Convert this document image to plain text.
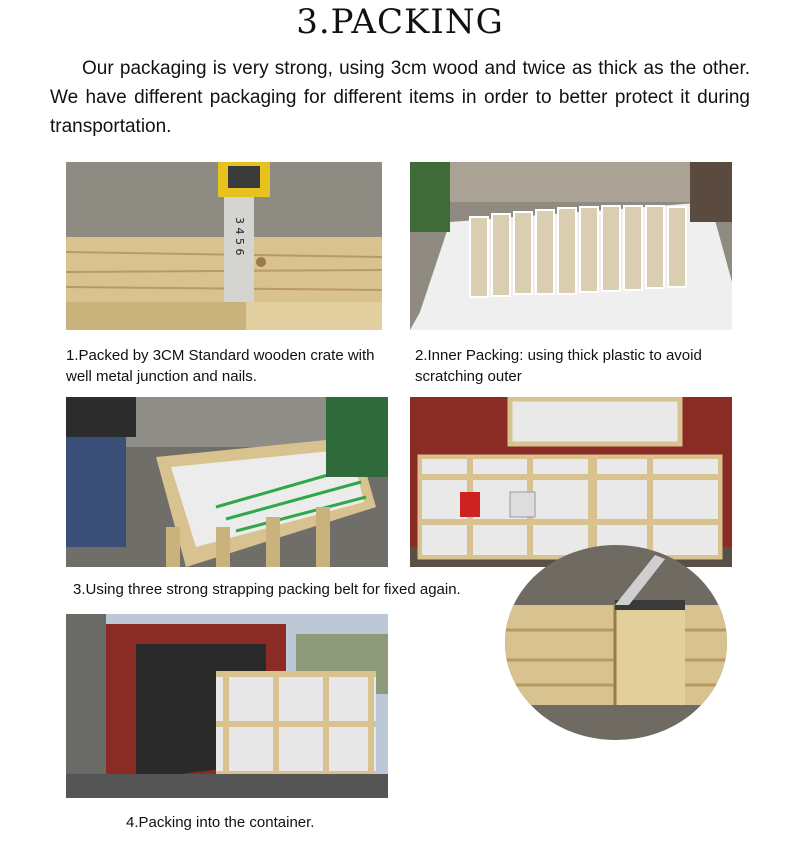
3.PACKING
Our packaging is very strong, using 3cm wood and twice as thick as the other. We have different packaging for different items in order to better protect it during transportation.
3 4 5 6
1.Packed by 3CM Standard wooden crate with
well metal junction and nails.
2.Inner Packing: using thick plastic to avoid
scratching outer
3.Using three strong strapping packing belt for fixed again.
4.Packing into the container.
